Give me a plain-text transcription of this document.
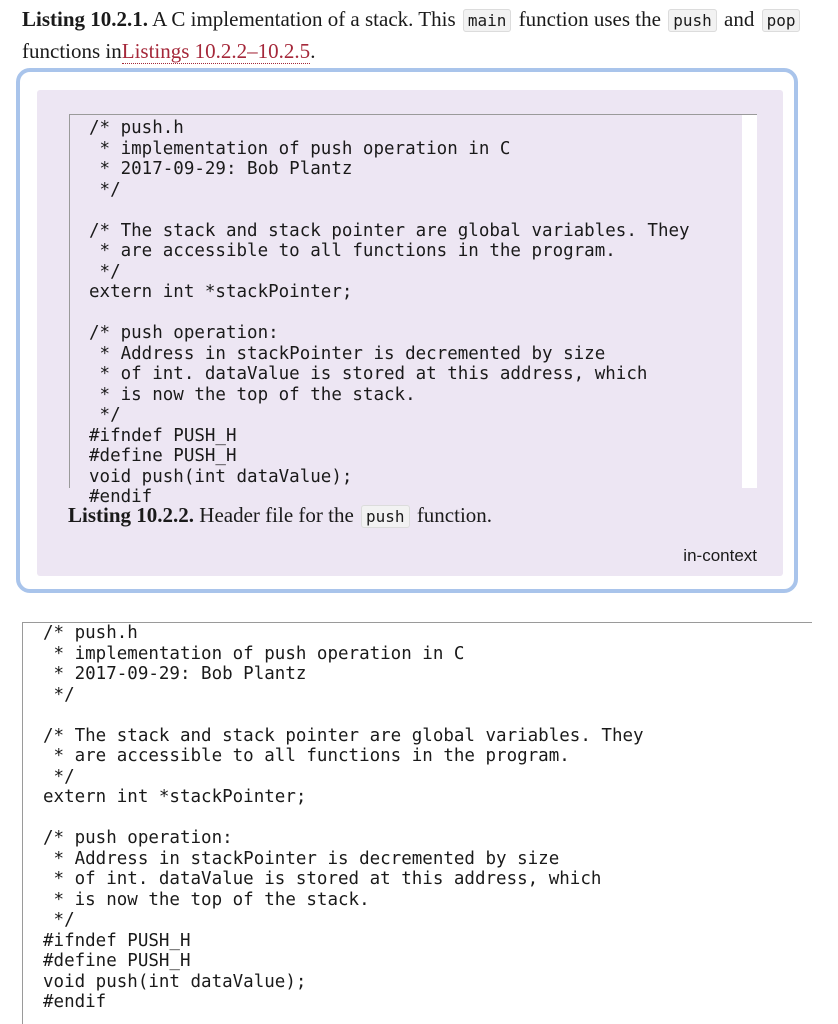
Listing 10.2.1. A C implementation of a stack. This main function uses the push and pop functions inListings 10.2.2–10.2.5.
/* push.h
* implementation of push operation in C
* 2017-09-29: Bob Plantz
*/

/* The stack and stack pointer are global variables. They
* are accessible to all functions in the program.
*/
extern int *stackPointer;

/* push operation:
* Address in stackPointer is decremented by size
* of int. dataValue is stored at this address, which
* is now the top of the stack.
*/
#ifndef PUSH_H
#define PUSH_H
void push(int dataValue);
#endif
Listing 10.2.2. Header file for the push function.
in-context
/* push.h
* implementation of push operation in C
* 2017-09-29: Bob Plantz
*/

/* The stack and stack pointer are global variables. They
* are accessible to all functions in the program.
*/
extern int *stackPointer;

/* push operation:
* Address in stackPointer is decremented by size
* of int. dataValue is stored at this address, which
* is now the top of the stack.
*/
#ifndef PUSH_H
#define PUSH_H
void push(int dataValue);
#endif
